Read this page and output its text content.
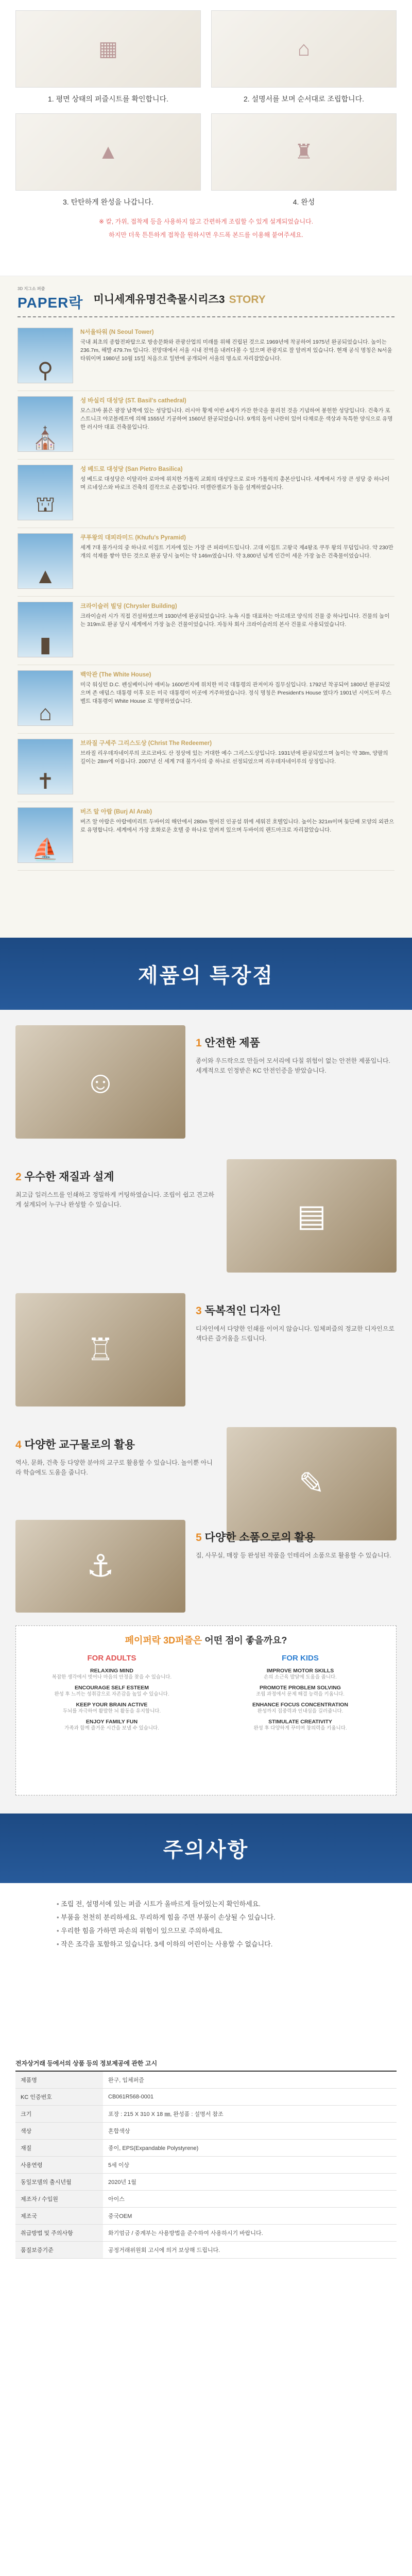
▦
1. 평면 상태의 퍼즐시트를 확인합니다.
⌂
2. 설명서를 보며 순서대로 조립합니다.
▲
3. 탄탄하게 완성을 나갑니다.
♜
4. 완성

※ 칼, 가위, 접착제 등을 사용하지 않고 간편하게 조립할 수 있게 설계되었습니다.

하지만 더욱 튼튼하게 접착을 원하시면 우드폭 본드를 이용해 붙여주세요.

3D 지그소 퍼즐
PAPER락 미니세계유명건축물시리즈3 STORY
⚲
N서울타워 (N Seoul Tower)
국내 최초의 종합전파탑으로 방송문화와 관광산업의 미래를 위해 건립된 것으로 1969년에 착공하여 1975년 완공되었습니다. 높이는 236.7m, 해발 479.7m 입니다. 전망대에서 서울 시내 전역을 내려다볼 수 있으며 관광지로 잘 알려져 있습니다. 현재 공식 명칭은 N서울타워이며 1980년 10월 15일 처음으로 일반에 공개되어 서울의 명소로 자리잡았습니다.
⛪
성 바실리 대성당 (ST. Basil's cathedral)
모스크바 붉은 광장 남쪽에 있는 성당입니다. 러시아 황제 이반 4세가 카잔 한국을 물리친 것을 기념하여 봉헌한 성당입니다. 건축가 포스트니크 야코블레프에 의해 1555년 기공하여 1560년 완공되었습니다. 9개의 돔이 나란히 있어 다채로운 색상과 독특한 양식으로 유명한 러시아 대표 건축물입니다.
⛫
성 베드로 대성당 (San Pietro Basilica)
성 베드로 대성당은 이탈리아 로마에 위치한 가톨릭 교회의 대성당으로 로마 가톨릭의 총본산입니다. 세계에서 가장 큰 성당 중 하나이며 르네상스와 바로크 건축의 걸작으로 손꼽힙니다. 미켈란젤로가 돔을 설계하였습니다.
▲
쿠푸왕의 대피라미드 (Khufu's Pyramid)
세계 7대 불가사의 중 하나로 이집트 기자에 있는 가장 큰 피라미드입니다. 고대 이집트 고왕국 제4왕조 쿠푸 왕의 무덤입니다. 약 230만 개의 석재를 쌓아 만든 것으로 완공 당시 높이는 약 146m였습니다. 약 3,800년 넘게 인간이 세운 가장 높은 건축물이었습니다.
▮
크라이슬러 빌딩 (Chrysler Building)
크라이슬러 시가 직접 건설하였으며 1930년에 완공되었습니다. 뉴욕 시를 대표하는 아르데코 양식의 건물 중 하나입니다. 건물의 높이는 319m로 완공 당시 세계에서 가장 높은 건물이었습니다. 자동차 회사 크라이슬러의 본사 건물로 사용되었습니다.
⌂
백악관 (The White House)
미국 워싱턴 D.C. 펜실베이니아 애비뉴 1600번지에 위치한 미국 대통령의 관저이자 집무실입니다. 1792년 착공되어 1800년 완공되었으며 존 애덤스 대통령 이후 모든 미국 대통령이 이곳에 거주하였습니다. 정식 명칭은 President's House 였다가 1901년 시어도어 루스벨트 대통령이 White House 로 명명하였습니다.
✝
브라질 구세주 그리스도상 (Christ The Redeemer)
브라질 리우데자네이루의 코르코바도 산 정상에 있는 거대한 예수 그리스도상입니다. 1931년에 완공되었으며 높이는 약 38m, 양팔의 길이는 28m에 이릅니다. 2007년 신 세계 7대 불가사의 중 하나로 선정되었으며 리우데자네이루의 상징입니다.
⛵
버즈 알 아랍 (Burj Al Arab)
버즈 알 아랍은 아랍에미리트 두바이의 해안에서 280m 떨어진 인공섬 위에 세워진 호텔입니다. 높이는 321m이며 돛단배 모양의 외관으로 유명합니다. 세계에서 가장 호화로운 호텔 중 하나로 알려져 있으며 두바이의 랜드마크로 자리잡았습니다.
제품의 특장점
☺
1 안전한 제품
종이와 우드락으로 만들어 모서리에 다칠 위험이 없는 안전한 제품입니다. 세계적으로 인정받은 KC 안전인증을 받았습니다.
▤
2 우수한 재질과 설계
최고급 일러스트를 인쇄하고 정밀하게 커팅하였습니다. 조립이 쉽고 견고하게 설계되어 누구나 완성할 수 있습니다.
♖
3 독복적인 디자인
디자인에서 다양한 인쇄를 이어지 않습니다. 입체퍼즐의 정교한 디자인으로 색다른 즐거움을 드립니다.
✎
4 다양한 교구물로의 활용
역사, 문화, 건축 등 다양한 분야의 교구로 활용할 수 있습니다. 놀이뿐 아니라 학습에도 도움을 줍니다.
⚓
5 다양한 소품으로의 활용
집, 사무실, 매장 등 완성된 작품을 인테리어 소품으로 활용할 수 있습니다.
페이퍼락 3D퍼즐은 어떤 점이 좋을까요?
FOR ADULTS
RELAXING MIND
복잡한 생각에서 벗어나 마음의 안정을 찾을 수 있습니다.
ENCOURAGE SELF ESTEEM
완성 후 느끼는 성취감으로 자존감을 높일 수 있습니다.
KEEP YOUR BRAIN ACTIVE
두뇌를 자극하여 활발한 뇌 활동을 유지합니다.
ENJOY FAMILY FUN
가족과 함께 즐거운 시간을 보낼 수 있습니다.
FOR KIDS
IMPROVE MOTOR SKILLS
손의 소근육 발달에 도움을 줍니다.
PROMOTE PROBLEM SOLVING
조립 과정에서 문제 해결 능력을 키웁니다.
ENHANCE FOCUS CONCENTRATION
완성까지 집중력과 인내심을 길러줍니다.
STIMULATE CREATIVITY
완성 후 다양하게 꾸미며 창의력을 키웁니다.
주의사항
• 조립 전, 설명서에 있는 퍼즐 시트가 올바르게 들어있는지 확인하세요.
• 부품을 천천히 분리하세요. 무리하게 힘을 주면 부품이 손상될 수 있습니다.
• 우리한 힘을 가하면 파손의 위험이 있으므로 주의하세요.
• 작은 조각을 포함하고 있습니다. 3세 이하의 어린이는 사용할 수 없습니다.
전자상거래 등에서의 상품 등의 정보제공에 관한 고시
제품명	완구, 입체퍼즐
KC 인증번호	CB061R568-0001
크기	포장 : 215 X 310 X 18 ㎜, 완성품 : 설명서 참조
색상	혼합색상
재질	종이, EPS(Expandable Polystyrene)
사용연령	5세 이상
동일모델의 출시년월	2020년 1월
제조자 / 수입원	아이스
제조국	중국OEM
취급방법 및 주의사항	화기엄금 / 중계부는 사용방법을 준수하여 사용하시기 바랍니다.
품질보증기준	공정거래위원회 고시에 의거 보상해 드립니다.
